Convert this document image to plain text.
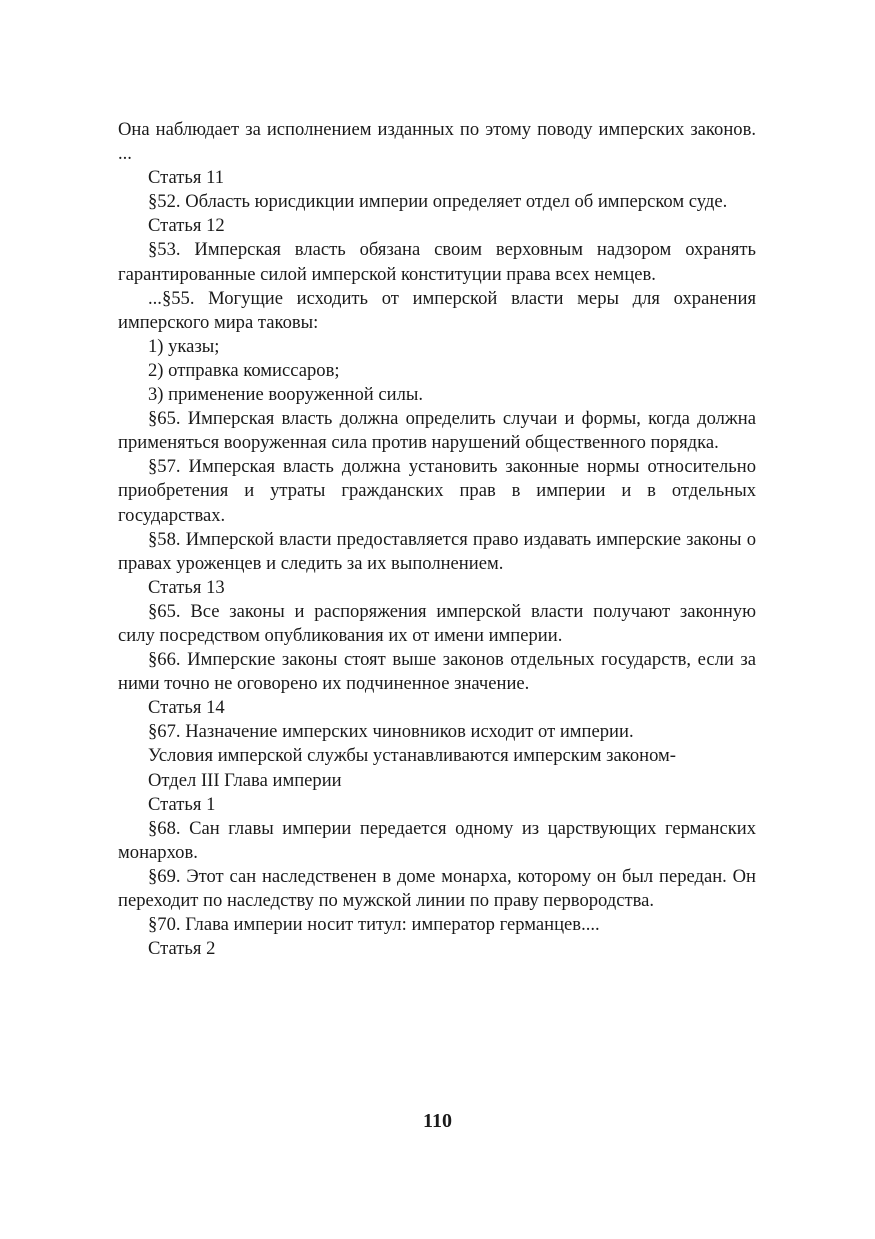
Она наблюдает за исполнением изданных по этому поводу имперских законов. ...

Статья 11

§52. Область юрисдикции империи определяет отдел об имперском суде.

Статья 12

§53. Имперская власть обязана своим верховным надзором охранять гарантированные силой имперской конституции права всех немцев.

...§55. Могущие исходить от имперской власти меры для охранения имперского мира таковы:

1) указы;

2) отправка комиссаров;

3) применение вооруженной силы.

§65. Имперская власть должна определить случаи и формы, когда должна применяться вооруженная сила против нарушений общественного порядка.

§57. Имперская власть должна установить законные нормы относительно приобретения и утраты гражданских прав в империи и в отдельных государствах.

§58. Имперской власти предоставляется право издавать имперские законы о правах уроженцев и следить за их выполнением.

Статья 13

§65. Все законы и распоряжения имперской власти получают законную силу посредством опубликования их от имени империи.

§66. Имперские законы стоят выше законов отдельных государств, если за ними точно не оговорено их подчиненное значение.

Статья 14

§67. Назначение имперских чиновников исходит от империи.

Условия имперской службы устанавливаются имперским законом-

Отдел III Глава империи

Статья 1

§68. Сан главы империи передается одному из царствующих германских монархов.

§69. Этот сан наследственен в доме монарха, которому он был передан. Он переходит по наследству по мужской линии по праву первородства.

§70. Глава империи носит титул: император германцев....

Статья 2

110
